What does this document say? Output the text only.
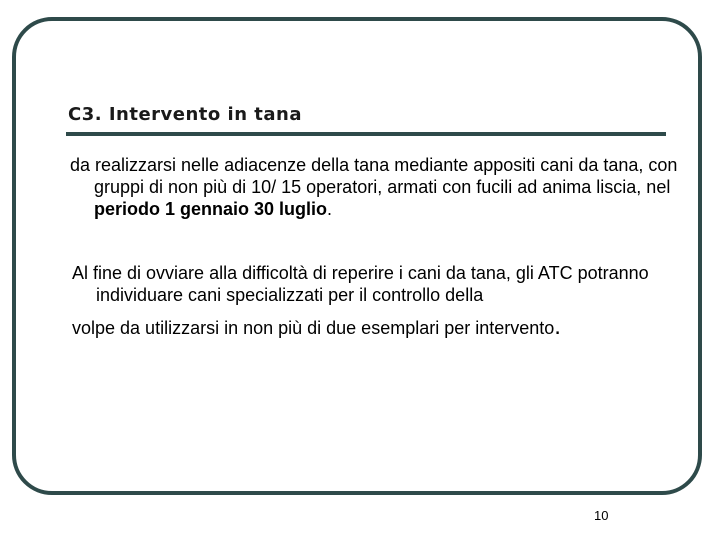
C3. Intervento in tana
da realizzarsi nelle adiacenze della tana mediante appositi cani da tana, con gruppi di non più di 10/ 15 operatori, armati con fucili ad anima liscia, nel periodo 1 gennaio 30 luglio.
Al fine di ovviare alla difficoltà di reperire i cani da tana, gli ATC potranno individuare cani specializzati per il controllo della
volpe da utilizzarsi in non più di due esemplari per intervento.
10
